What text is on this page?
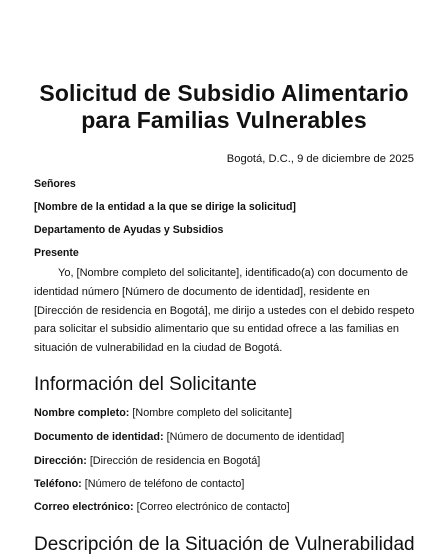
Solicitud de Subsidio Alimentario
para Familias Vulnerables
Bogotá, D.C., 9 de diciembre de 2025
Señores
[Nombre de la entidad a la que se dirige la solicitud]
Departamento de Ayudas y Subsidios
Presente
Yo, [Nombre completo del solicitante], identificado(a) con documento de identidad número [Número de documento de identidad], residente en [Dirección de residencia en Bogotá], me dirijo a ustedes con el debido respeto para solicitar el subsidio alimentario que su entidad ofrece a las familias en situación de vulnerabilidad en la ciudad de Bogotá.
Información del Solicitante
Nombre completo: [Nombre completo del solicitante]
Documento de identidad: [Número de documento de identidad]
Dirección: [Dirección de residencia en Bogotá]
Teléfono: [Número de teléfono de contacto]
Correo electrónico: [Correo electrónico de contacto]
Descripción de la Situación de Vulnerabilidad
